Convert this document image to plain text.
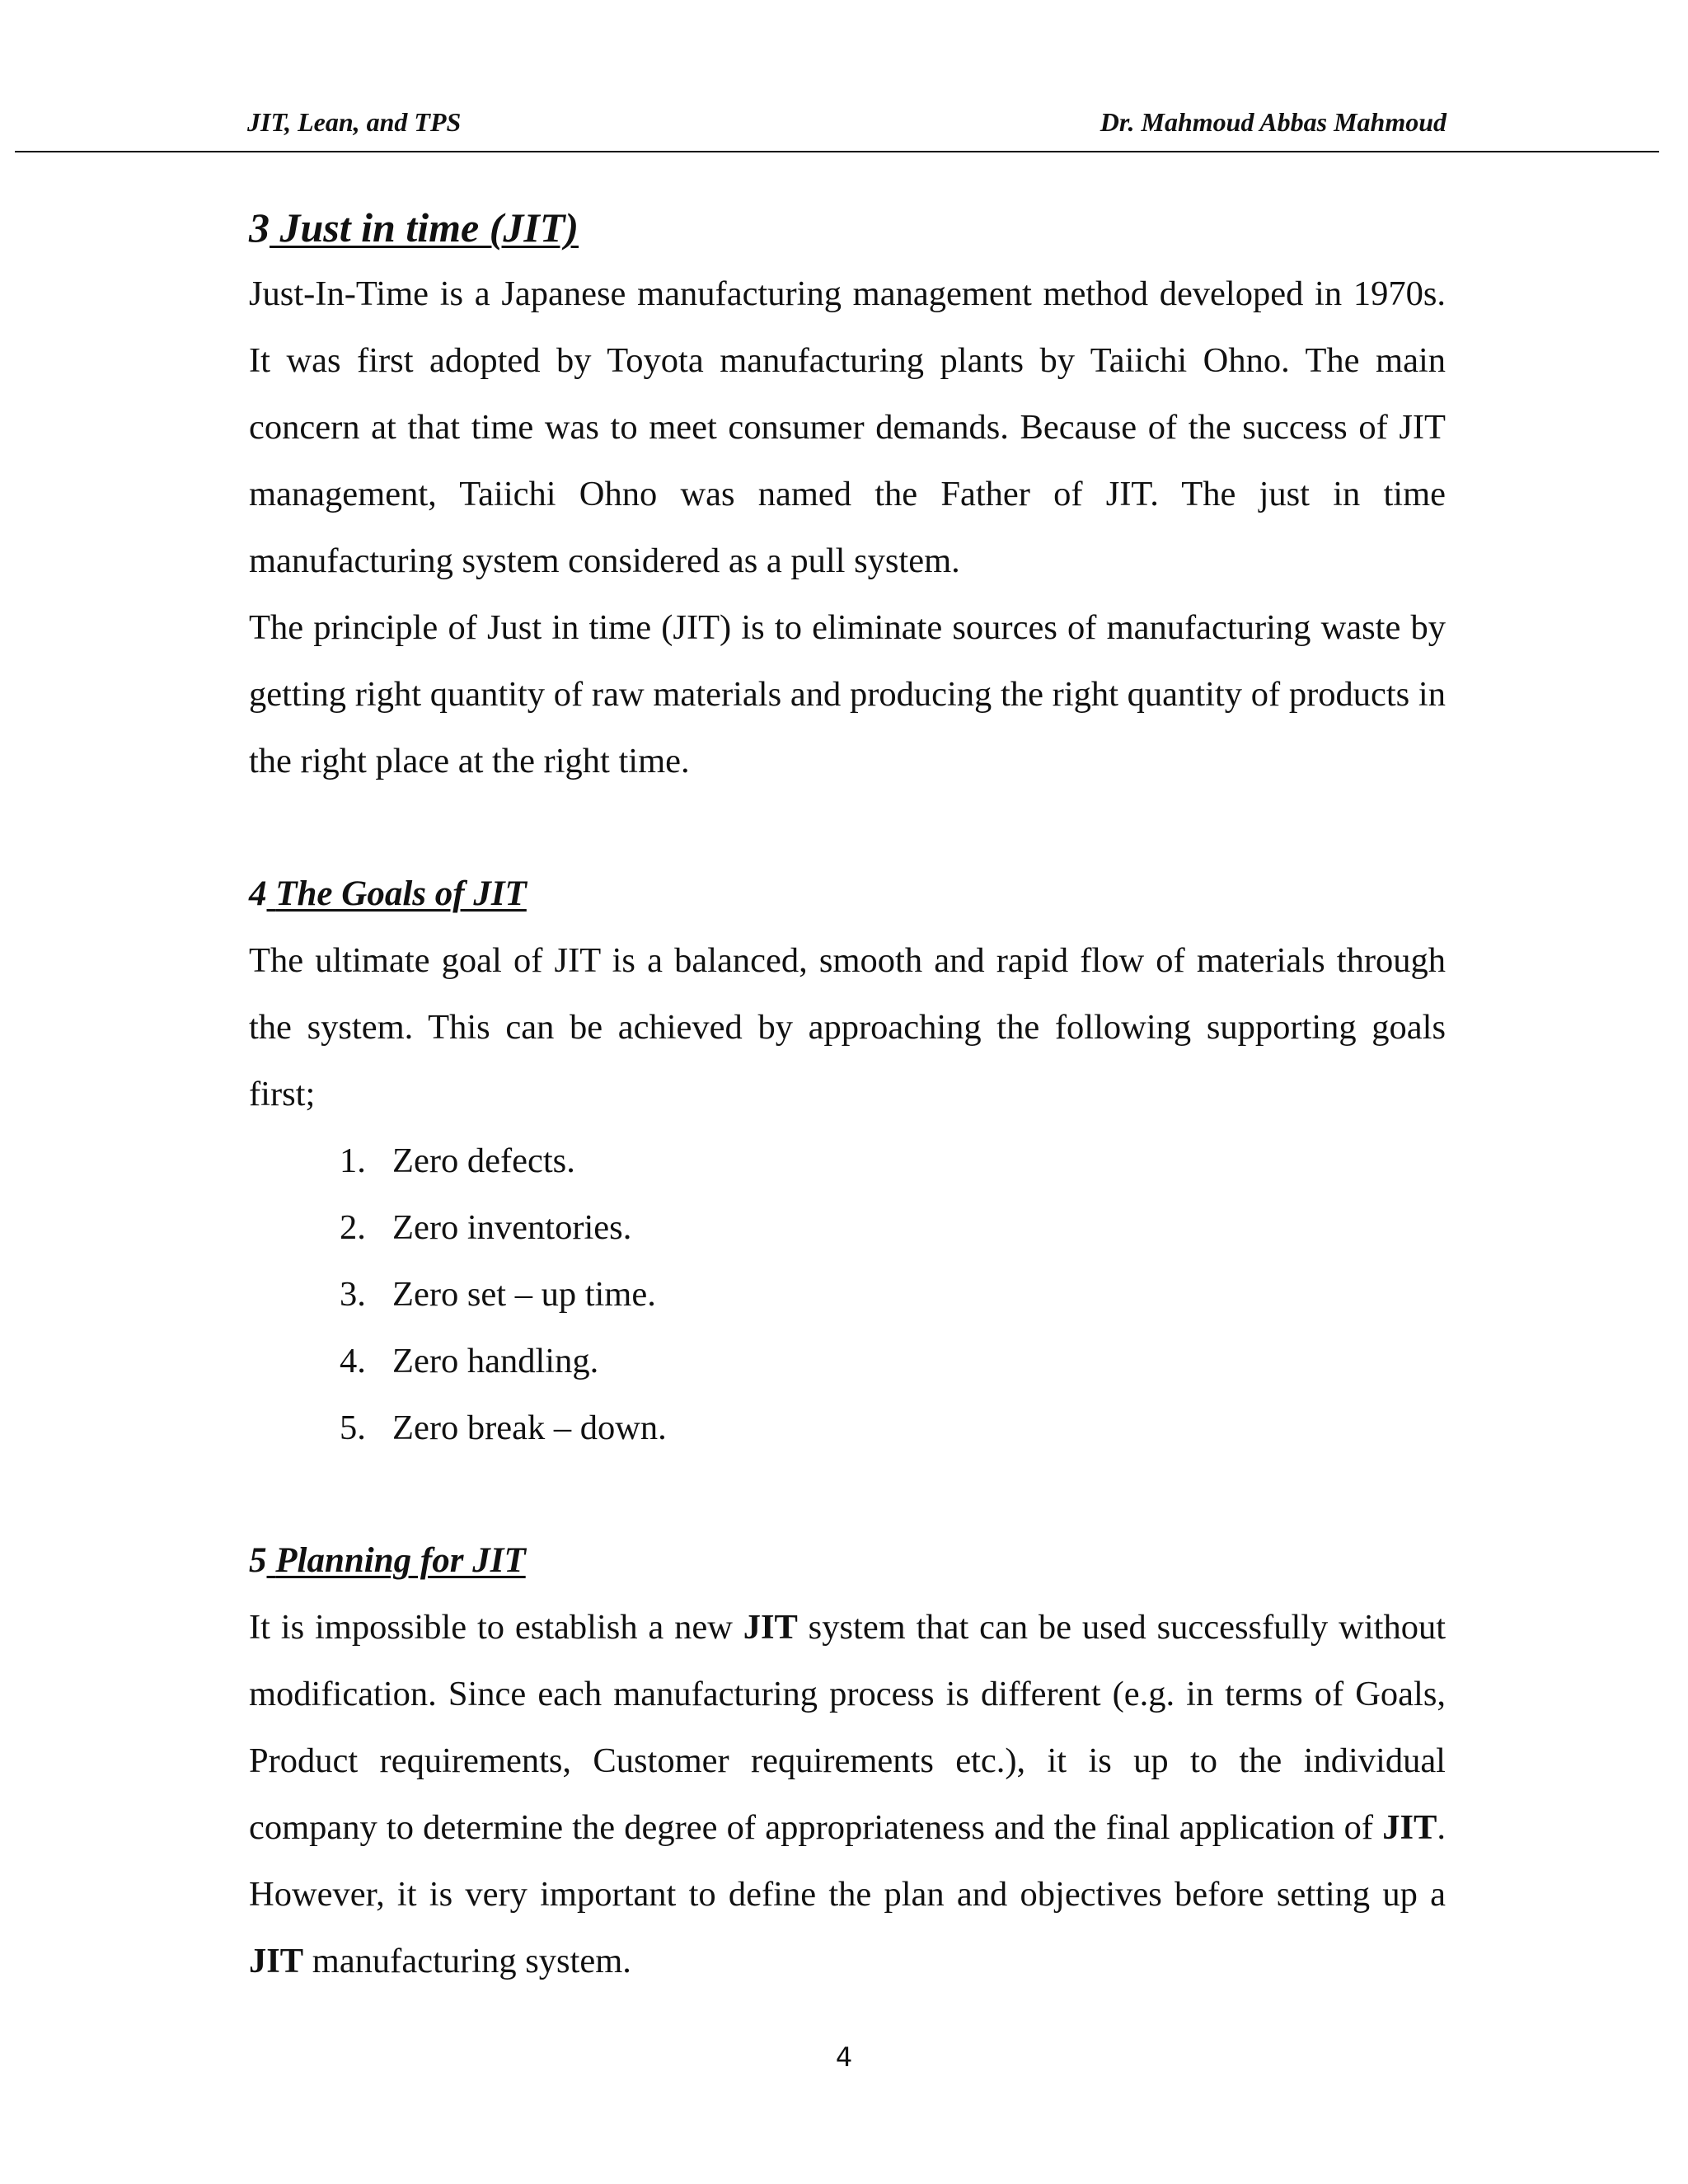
JIT, Lean, and TPS	Dr. Mahmoud Abbas Mahmoud
3 Just in time (JIT)

Just-In-Time is a Japanese manufacturing management method developed in 1970s. It was first adopted by Toyota manufacturing plants by Taiichi Ohno. The main concern at that time was to meet consumer demands. Because of the success of JIT management, Taiichi Ohno was named the Father of JIT. The just in time manufacturing system considered as a pull system.

The principle of Just in time (JIT) is to eliminate sources of manufacturing waste by getting right quantity of raw materials and producing the right quantity of products in the right place at the right time.

4 The Goals of JIT

The ultimate goal of JIT is a balanced, smooth and rapid flow of materials through the system. This can be achieved by approaching the following supporting goals first;

1. Zero defects.
2. Zero inventories.
3. Zero set – up time.
4. Zero handling.
5. Zero break – down.
5 Planning for JIT

It is impossible to establish a new JIT system that can be used successfully without modification. Since each manufacturing process is different (e.g. in terms of Goals, Product requirements, Customer requirements etc.), it is up to the individual company to determine the degree of appropriateness and the final application of JIT. However, it is very important to define the plan and objectives before setting up a JIT manufacturing system.

4
